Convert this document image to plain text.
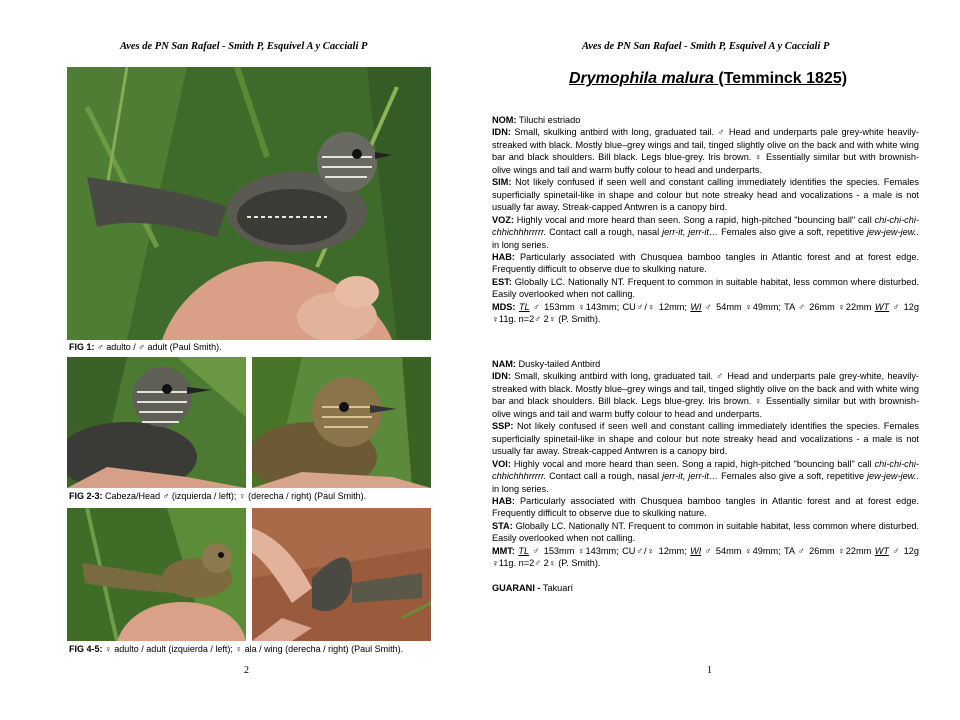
Aves de PN San Rafael - Smith P, Esquivel A y Cacciali P
FIG 1: ♂ adulto / ♂ adult (Paul Smith).
FIG 2-3: Cabeza/Head ♂ (izquierda / left); ♀ (derecha / right) (Paul Smith).
FIG 4-5: ♀ adulto / adult (izquierda / left); ♀ ala / wing (derecha / right) (Paul Smith).
2
Aves de PN San Rafael - Smith P, Esquivel A y Cacciali P
Drymophila malura (Temminck 1825)

NOM: Tiluchi estriado

IDN: Small, skulking antbird with long, graduated tail. ♂ Head and underparts pale grey-white heavily-streaked with black. Mostly blue–grey wings and tail, tinged slightly olive on the back and with white wing bar and black shoulders. Bill black. Legs blue-grey. Iris brown. ♀ Essentially similar but with brownish-olive wings and tail and warm buffy colour to head and underparts.

SIM: Not likely confused if seen well and constant calling immediately identifies the species. Females superficially spinetail-like in shape and colour but note streaky head and vocalizations - a male is not usually far away. Streak-capped Antwren is a canopy bird.

VOZ: Highly vocal and more heard than seen. Song a rapid, high-pitched "bouncing ball" call chi-chi-chi-chhichhhrrrrr. Contact call a rough, nasal jerr-it, jerr-it… Females also give a soft, repetitive jew-jew-jew.. in long series.

HAB: Particularly associated with Chusquea bamboo tangles in Atlantic forest and at forest edge. Frequently difficult to observe due to skulking nature.

EST: Globally LC. Nationally NT. Frequent to common in suitable habitat, less common where disturbed. Easily overlooked when not calling.

MDS: TL ♂ 153mm ♀143mm; CU♂/♀ 12mm; WI ♂ 54mm ♀49mm; TA ♂ 26mm ♀22mm WT ♂ 12g ♀11g. n=2♂ 2♀ (P. Smith).

NAM: Dusky-tailed Antbird

IDN: Small, skulking antbird with long, graduated tail. ♂ Head and underparts pale grey-white, heavily-streaked with black. Mostly blue–grey wings and tail, tinged slightly olive on the back and with white wing bar and black shoulders. Bill black. Legs blue-grey. Iris brown. ♀ Essentially similar but with brownish-olive wings and tail and warm buffy colour to head and underparts.

SSP: Not likely confused if seen well and constant calling immediately identifies the species. Females superficially spinetail-like in shape and colour but note streaky head and vocalizations - a male is not usually far away. Streak-capped Antwren is a canopy bird.

VOI: Highly vocal and more heard than seen. Song a rapid, high-pitched "bouncing ball" call chi-chi-chi-chhichhhrrrrr. Contact call a rough, nasal jerr-it, jerr-it… Females also give a soft, repetitive jew-jew-jew.. in long series.

HAB: Particularly associated with Chusquea bamboo tangles in Atlantic forest and at forest edge. Frequently difficult to observe due to skulking nature.

STA: Globally LC. Nationally NT. Frequent to common in suitable habitat, less common where disturbed. Easily overlooked when not calling.

MMT: TL ♂ 153mm ♀143mm; CU♂/♀ 12mm; WI ♂ 54mm ♀49mm; TA ♂ 26mm ♀22mm WT ♂ 12g ♀11g. n=2♂ 2♀ (P. Smith).

GUARANI - Takuarí

1
